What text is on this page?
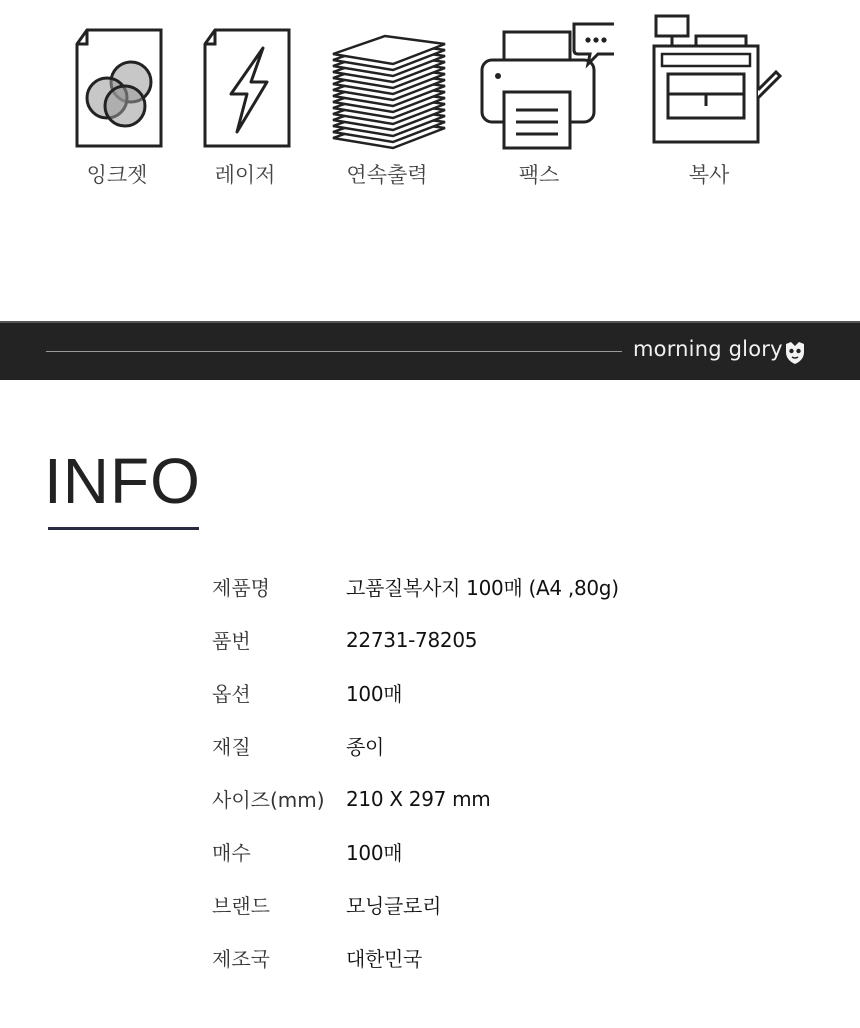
잉크젯	레이저	연속출력	팩스	복사
morning glory
INFO
제품명	고품질복사지 100매 (A4 ,80g)
품번	22731-78205
옵션	100매
재질	종이
사이즈(mm)	210 X 297 mm
매수	100매
브랜드	모닝글로리
제조국	대한민국
